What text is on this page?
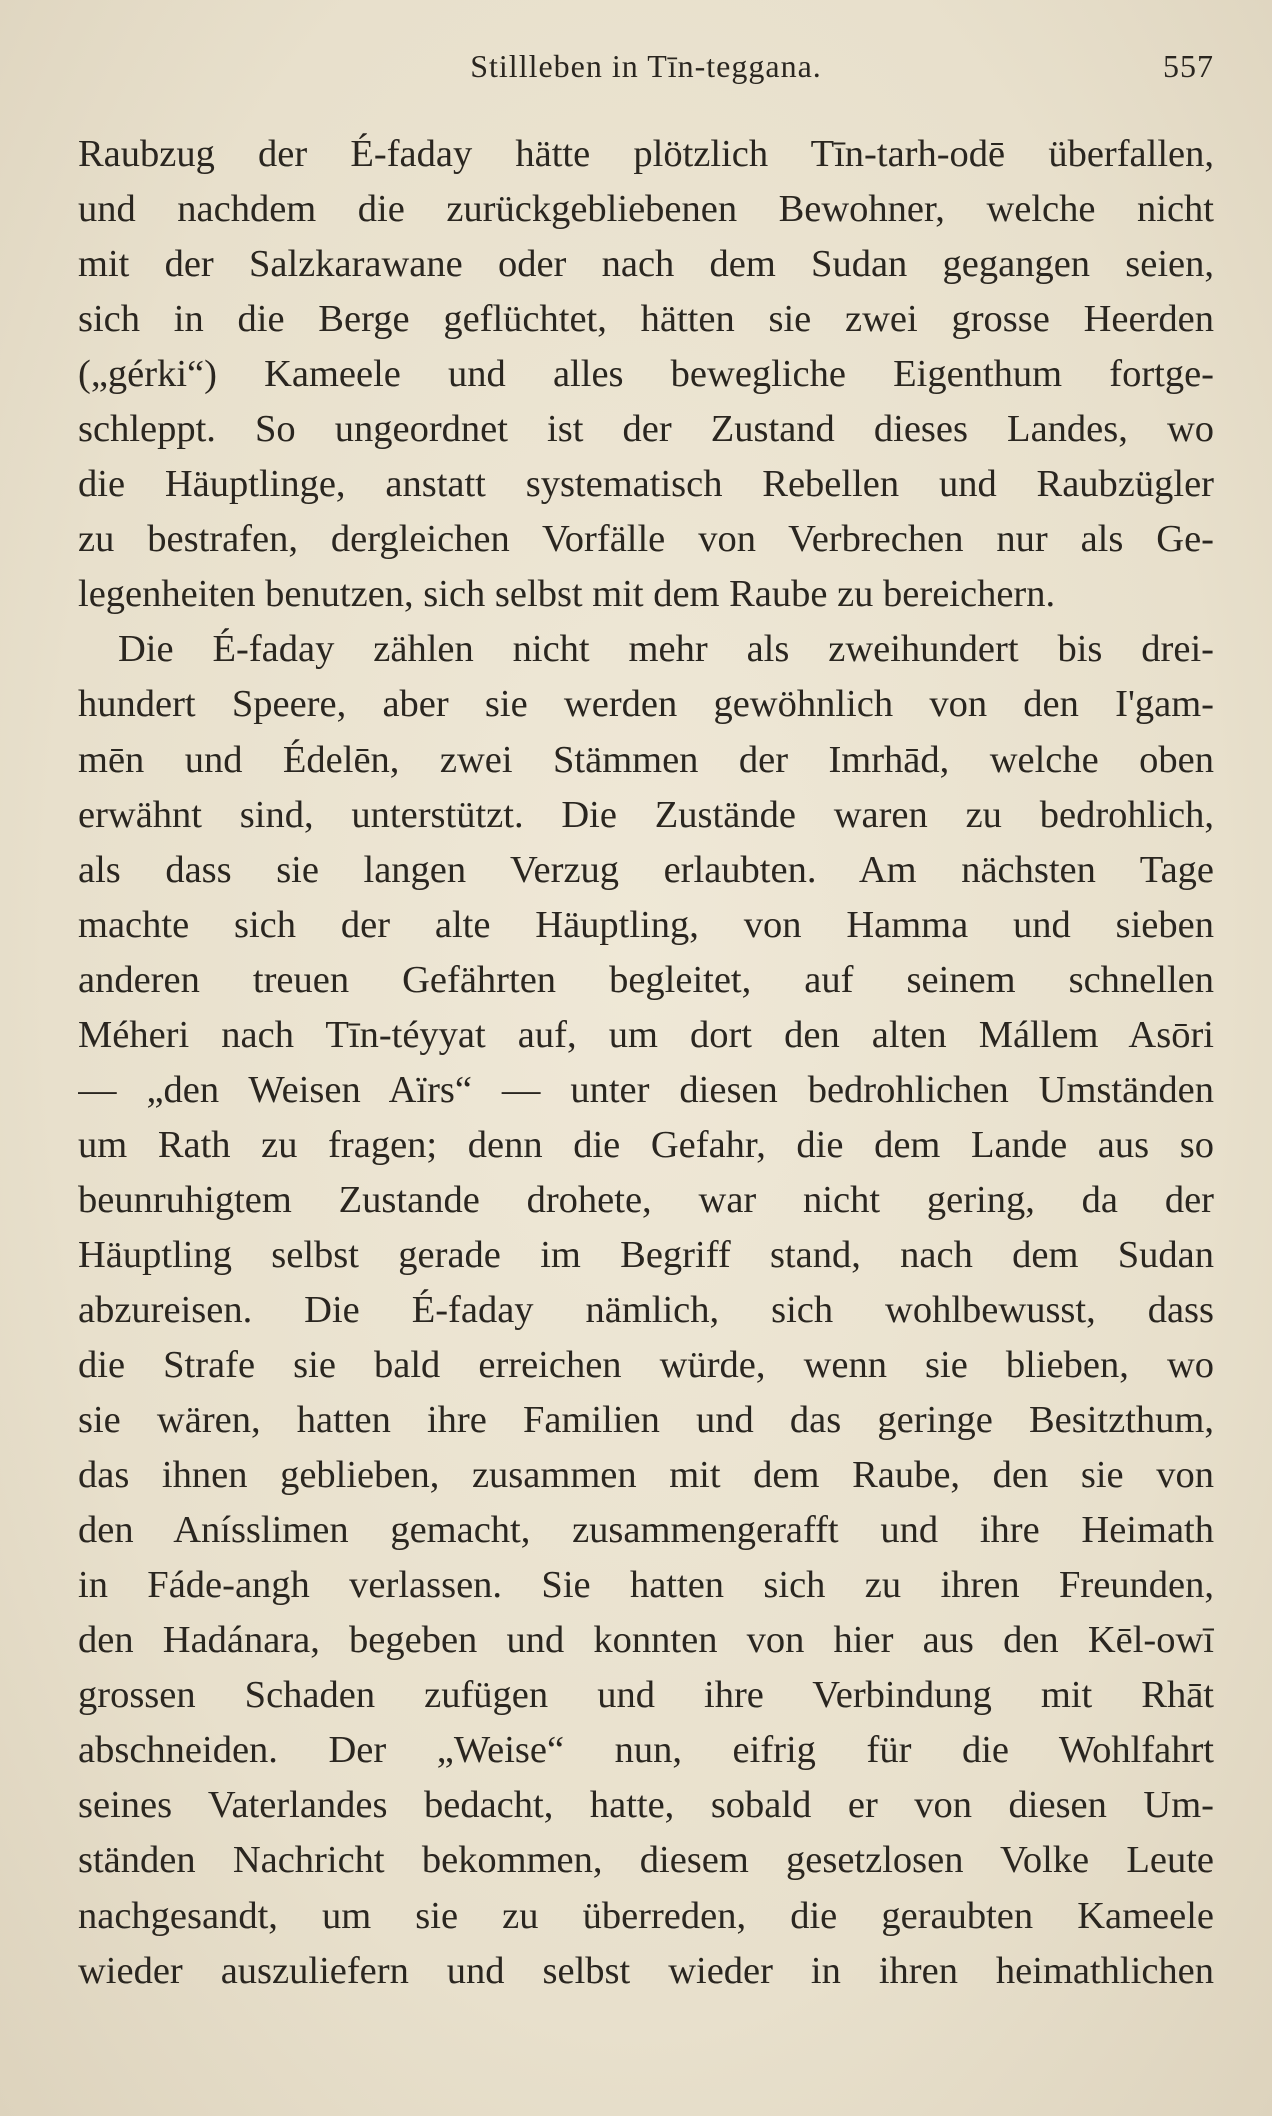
Stillleben in Tīn-teggana.	557
Raubzug der É-faday hätte plötzlich Tīn-tarh-odē überfallen,
und nachdem die zurückgebliebenen Bewohner, welche nicht
mit der Salzkarawane oder nach dem Sudan gegangen seien,
sich in die Berge geflüchtet, hätten sie zwei grosse Heerden
(„gérki“) Kameele und alles bewegliche Eigenthum fortge-
schleppt. So ungeordnet ist der Zustand dieses Landes, wo
die Häuptlinge, anstatt systematisch Rebellen und Raubzügler
zu bestrafen, dergleichen Vorfälle von Verbrechen nur als Ge-
legenheiten benutzen, sich selbst mit dem Raube zu bereichern.
Die É-faday zählen nicht mehr als zweihundert bis drei-
hundert Speere, aber sie werden gewöhnlich von den I'gam-
mēn und Édelēn, zwei Stämmen der Imrhād, welche oben
erwähnt sind, unterstützt. Die Zustände waren zu bedrohlich,
als dass sie langen Verzug erlaubten. Am nächsten Tage
machte sich der alte Häuptling, von Hamma und sieben
anderen treuen Gefährten begleitet, auf seinem schnellen
Méheri nach Tīn-téyyat auf, um dort den alten Mállem Asōri
— „den Weisen Aïrs“ — unter diesen bedrohlichen Umständen
um Rath zu fragen; denn die Gefahr, die dem Lande aus so
beunruhigtem Zustande drohete, war nicht gering, da der
Häuptling selbst gerade im Begriff stand, nach dem Sudan
abzureisen. Die É-faday nämlich, sich wohlbewusst, dass
die Strafe sie bald erreichen würde, wenn sie blieben, wo
sie wären, hatten ihre Familien und das geringe Besitzthum,
das ihnen geblieben, zusammen mit dem Raube, den sie von
den Anísslimen gemacht, zusammengerafft und ihre Heimath
in Fáde-angh verlassen. Sie hatten sich zu ihren Freunden,
den Hadánara, begeben und konnten von hier aus den Kēl-owī
grossen Schaden zufügen und ihre Verbindung mit Rhāt
abschneiden. Der „Weise“ nun, eifrig für die Wohlfahrt
seines Vaterlandes bedacht, hatte, sobald er von diesen Um-
ständen Nachricht bekommen, diesem gesetzlosen Volke Leute
nachgesandt, um sie zu überreden, die geraubten Kameele
wieder auszuliefern und selbst wieder in ihren heimathlichen
